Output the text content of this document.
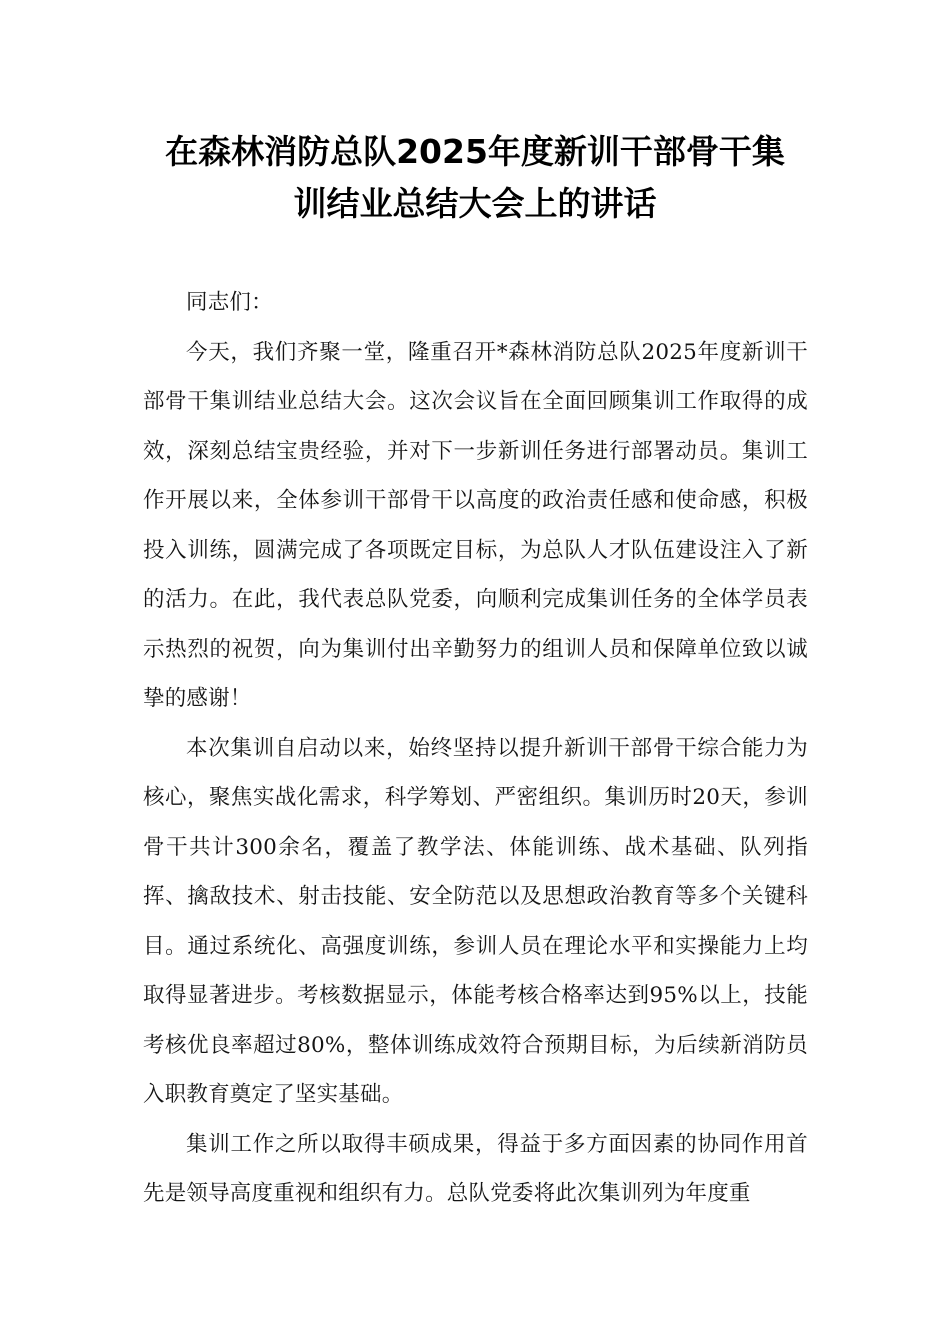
在森林消防总队2025年度新训干部骨干集
训结业总结大会上的讲话

同志们：

今天，我们齐聚一堂，隆重召开*森林消防总队2025年度新训干部骨干集训结业总结大会。这次会议旨在全面回顾集训工作取得的成效，深刻总结宝贵经验，并对下一步新训任务进行部署动员。集训工作开展以来，全体参训干部骨干以高度的政治责任感和使命感，积极投入训练，圆满完成了各项既定目标，为总队人才队伍建设注入了新的活力。在此，我代表总队党委，向顺利完成集训任务的全体学员表示热烈的祝贺，向为集训付出辛勤努力的组训人员和保障单位致以诚挚的感谢！

本次集训自启动以来，始终坚持以提升新训干部骨干综合能力为核心，聚焦实战化需求，科学筹划、严密组织。集训历时20天，参训骨干共计300余名，覆盖了教学法、体能训练、战术基础、队列指挥、擒敌技术、射击技能、安全防范以及思想政治教育等多个关键科目。通过系统化、高强度训练，参训人员在理论水平和实操能力上均取得显著进步。考核数据显示，体能考核合格率达到95%以上，技能考核优良率超过80%，整体训练成效符合预期目标，为后续新消防员入职教育奠定了坚实基础。

集训工作之所以取得丰硕成果，得益于多方面因素的协同作用首先是领导高度重视和组织有力。总队党委将此次集训列为年度重
